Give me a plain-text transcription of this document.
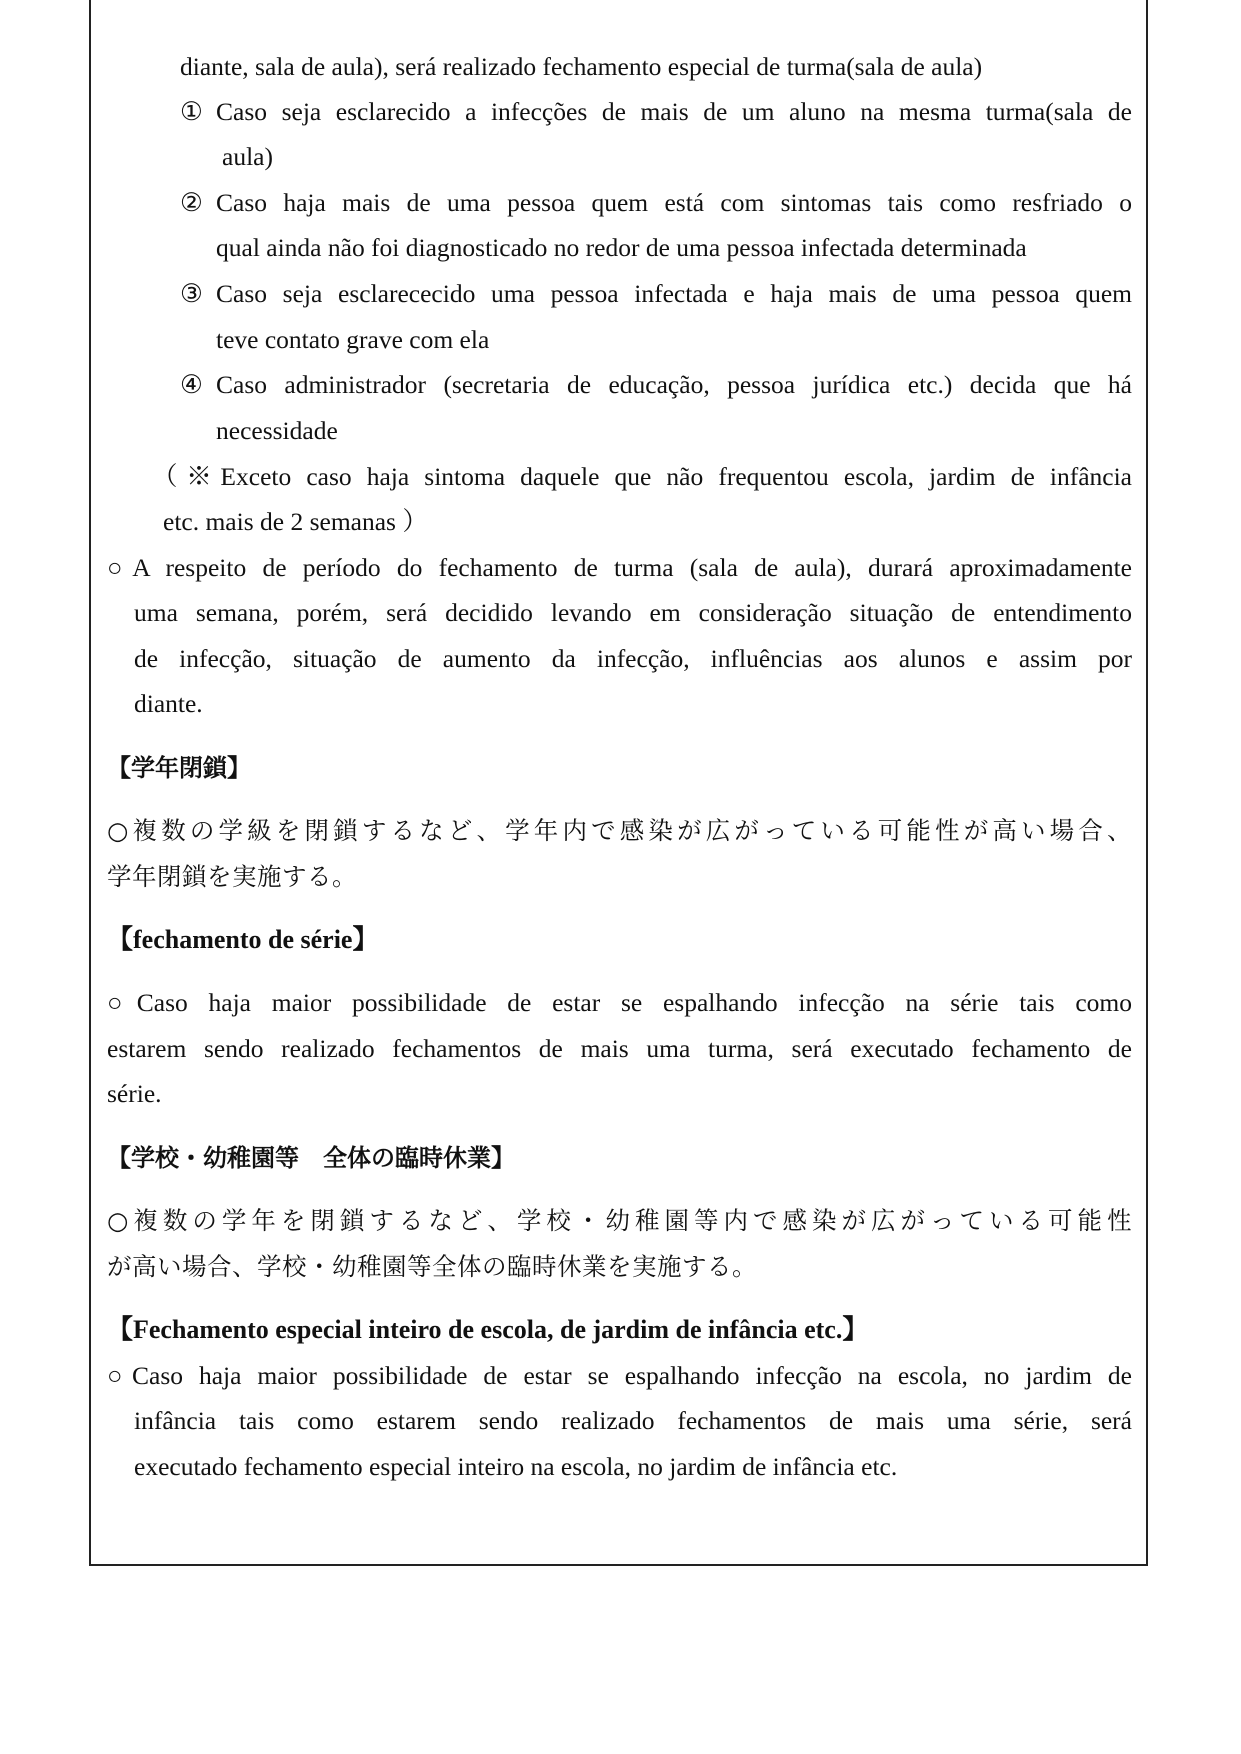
diante, sala de aula), será realizado fechamento especial de turma(sala de aula)
① Caso seja esclarecido a infecções de mais de um aluno na mesma turma(sala de
aula)
② Caso haja mais de uma pessoa quem está com sintomas tais como resfriado o
qual ainda não foi diagnosticado no redor de uma pessoa infectada determinada
③ Caso seja esclarececido uma pessoa infectada e haja mais de uma pessoa quem
teve contato grave com ela
④ Caso administrador (secretaria de educação, pessoa jurídica etc.) decida que há
necessidade
（※Exceto caso haja sintoma daquele que não frequentou escola, jardim de infância
etc. mais de 2 semanas ）
○A respeito de período do fechamento de turma (sala de aula), durará aproximadamente
uma semana, porém, será decidido levando em consideração situação de entendimento
de infecção, situação de aumento da infecção, influências aos alunos e assim por
diante.
【学年閉鎖】
○複数の学級を閉鎖するなど、学年内で感染が広がっている可能性が高い場合、
学年閉鎖を実施する。
【fechamento de série】
○Caso haja maior possibilidade de estar se espalhando infecção na série tais como
estarem sendo realizado fechamentos de mais uma turma, será executado fechamento de
série.
【学校・幼稚園等　全体の臨時休業】
○複数の学年を閉鎖するなど、学校・幼稚園等内で感染が広がっている可能性
が高い場合、学校・幼稚園等全体の臨時休業を実施する。
【Fechamento especial inteiro de escola, de jardim de infância etc.】
○Caso haja maior possibilidade de estar se espalhando infecção na escola, no jardim de
infância tais como estarem sendo realizado fechamentos de mais uma série, será
executado fechamento especial inteiro na escola, no jardim de infância etc.
